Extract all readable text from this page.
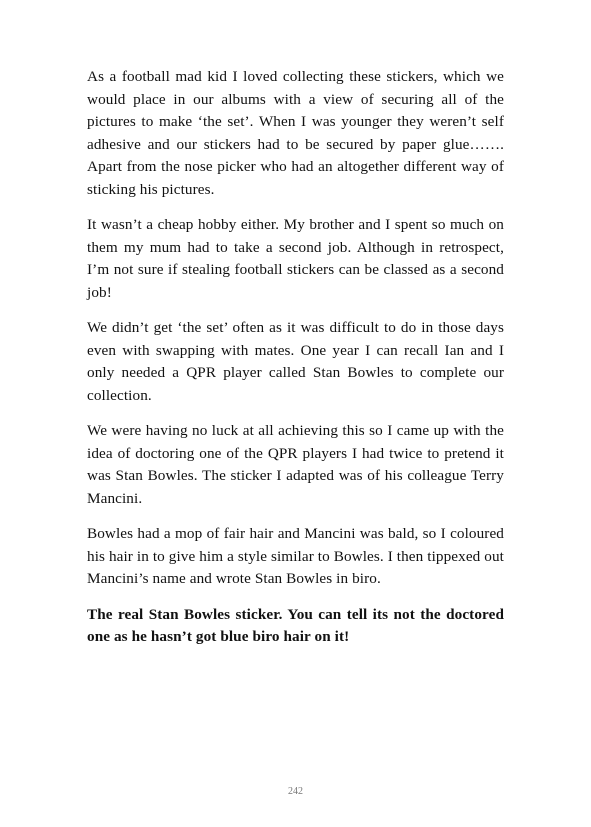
As a football mad kid I loved collecting these stickers, which we would place in our albums with a view of securing all of the pictures to make ‘the set’. When I was younger they weren’t self adhesive and our stickers had to be secured by paper glue……. Apart from the nose picker who had an altogether different way of sticking his pictures.

It wasn’t a cheap hobby either. My brother and I spent so much on them my mum had to take a second job. Although in retrospect, I’m not sure if stealing football stickers can be classed as a second job!

We didn’t get ‘the set’ often as it was difficult to do in those days even with swapping with mates. One year I can recall Ian and I only needed a QPR player called Stan Bowles to complete our collection.

We were having no luck at all achieving this so I came up with the idea of doctoring one of the QPR players I had twice to pretend it was Stan Bowles. The sticker I adapted was of his colleague Terry Mancini.

Bowles had a mop of fair hair and Mancini was bald, so I coloured his hair in to give him a style similar to Bowles. I then tippexed out Mancini’s name and wrote Stan Bowles in biro.

The real Stan Bowles sticker. You can tell its not the doctored one as he hasn’t got blue biro hair on it!

242
